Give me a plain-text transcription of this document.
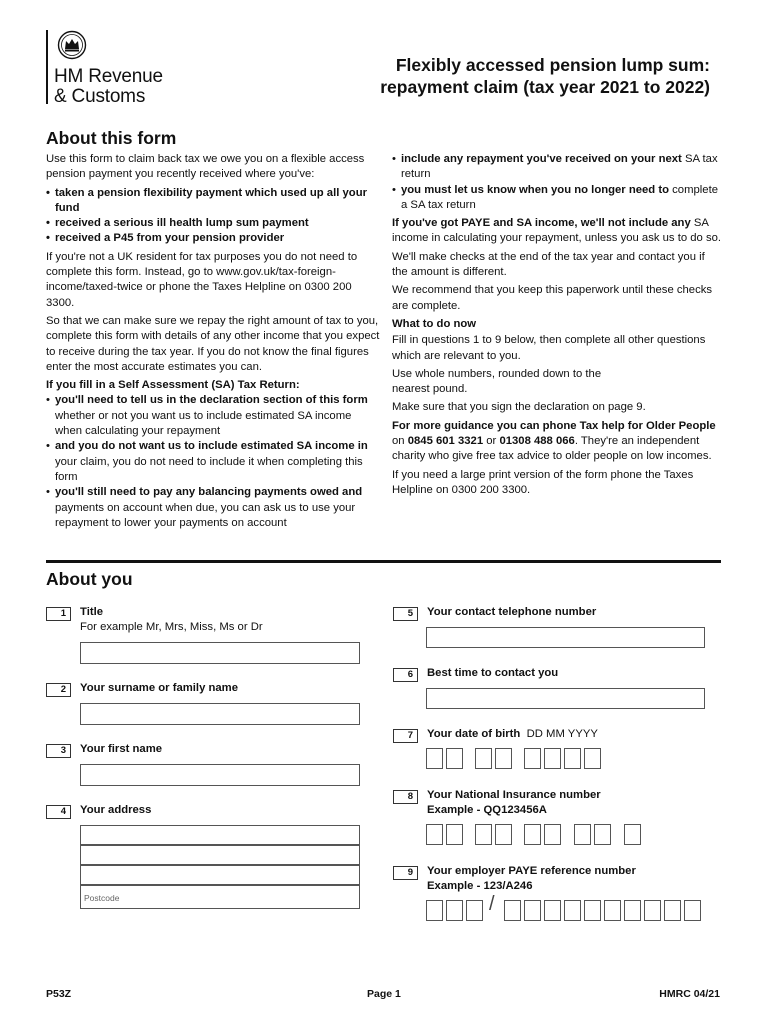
HM Revenue
& Customs
Flexibly accessed pension lump sum:
repayment claim (tax year 2021 to 2022)
About this form

Use this form to claim back tax we owe you on a flexible access pension payment you recently received where you've:

• taken a pension flexibility payment which used up all your fund
• received a serious ill health lump sum payment
• received a P45 from your pension provider

If you're not a UK resident for tax purposes you do not need to complete this form. Instead, go to www.gov.uk/tax-foreign-income/taxed-twice or phone the Taxes Helpline on 0300 200 3300.

So that we can make sure we repay the right amount of tax to you, complete this form with details of any other income that you expect to receive during the tax year. If you do not know the final figures enter the most accurate estimates you can.

If you fill in a Self Assessment (SA) Tax Return:

• you'll need to tell us in the declaration section of this form whether or not you want us to include estimated SA income when calculating your repayment
• and you do not want us to include estimated SA income in your claim, you do not need to include it when completing this form
• you'll still need to pay any balancing payments owed and payments on account when due, you can ask us to use your repayment to lower your payments on account
• include any repayment you've received on your next SA tax return
• you must let us know when you no longer need to complete a SA tax return

If you've got PAYE and SA income, we'll not include any SA income in calculating your repayment, unless you ask us to do so.

We'll make checks at the end of the tax year and contact you if the amount is different.

We recommend that you keep this paperwork until these checks are complete.

What to do now

Fill in questions 1 to 9 below, then complete all other questions which are relevant to you.

Use whole numbers, rounded down to the nearest pound.

Make sure that you sign the declaration on page 9.

For more guidance you can phone Tax help for Older People on 0845 601 3321 or 01308 488 066. They're an independent charity who give free tax advice to older people on low incomes.

If you need a large print version of the form phone the Taxes Helpline on 0300 200 3300.

About you
1	Title
For example Mr, Mrs, Miss, Ms or Dr
2	Your surname or family name
3	Your first name
4	Your address
Postcode
5	Your contact telephone number
6	Best time to contact you
7	Your date of birth DD MM YYYY
8	Your National Insurance number
Example - QQ123456A
9	Your employer PAYE reference number
Example - 123/A246
/
P53Z	Page 1	HMRC 04/21
